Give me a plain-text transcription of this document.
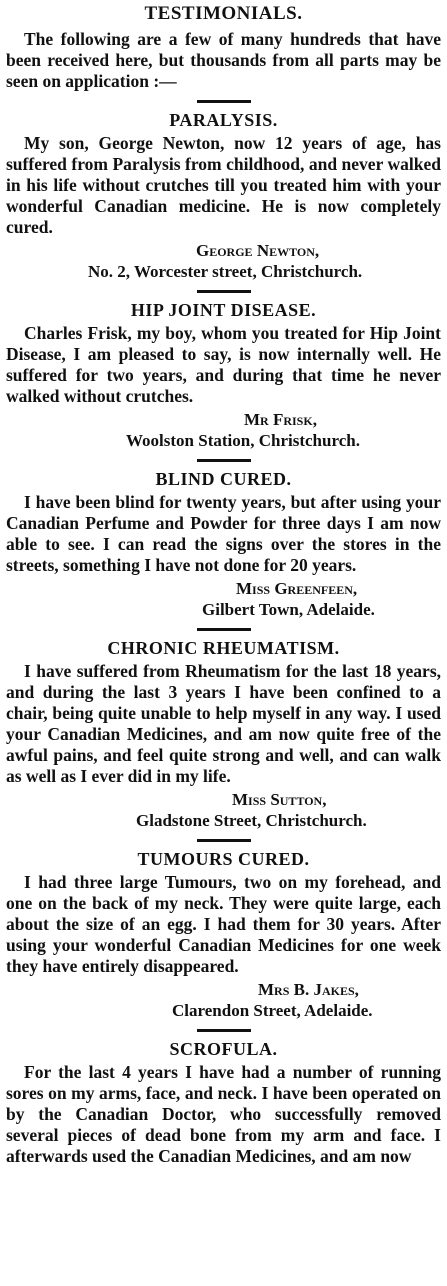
TESTIMONIALS.

The following are a few of many hundreds that have been received here, but thousands from all parts may be seen on application :—

PARALYSIS.

My son, George Newton, now 12 years of age, has suffered from Paralysis from childhood, and never walked in his life without crutches till you treated him with your wonderful Canadian medicine. He is now completely cured.

George Newton,
No. 2, Worcester street, Christchurch.
HIP JOINT DISEASE.

Charles Frisk, my boy, whom you treated for Hip Joint Disease, I am pleased to say, is now internally well. He suffered for two years, and during that time he never walked without crutches.

Mr Frisk,
Woolston Station, Christchurch.
BLIND CURED.

I have been blind for twenty years, but after using your Canadian Perfume and Powder for three days I am now able to see. I can read the signs over the stores in the streets, something I have not done for 20 years.

Miss Greenfeen,
Gilbert Town, Adelaide.
CHRONIC RHEUMATISM.

I have suffered from Rheumatism for the last 18 years, and during the last 3 years I have been confined to a chair, being quite unable to help myself in any way. I used your Canadian Medicines, and am now quite free of the awful pains, and feel quite strong and well, and can walk as well as I ever did in my life.

Miss Sutton,
Gladstone Street, Christchurch.
TUMOURS CURED.

I had three large Tumours, two on my forehead, and one on the back of my neck. They were quite large, each about the size of an egg. I had them for 30 years. After using your wonderful Canadian Medicines for one week they have entirely disappeared.

Mrs B. Jakes,
Clarendon Street, Adelaide.
SCROFULA.

For the last 4 years I have had a number of running sores on my arms, face, and neck. I have been operated on by the Canadian Doctor, who successfully removed several pieces of dead bone from my arm and face. I afterwards used the Canadian Medicines, and am now
